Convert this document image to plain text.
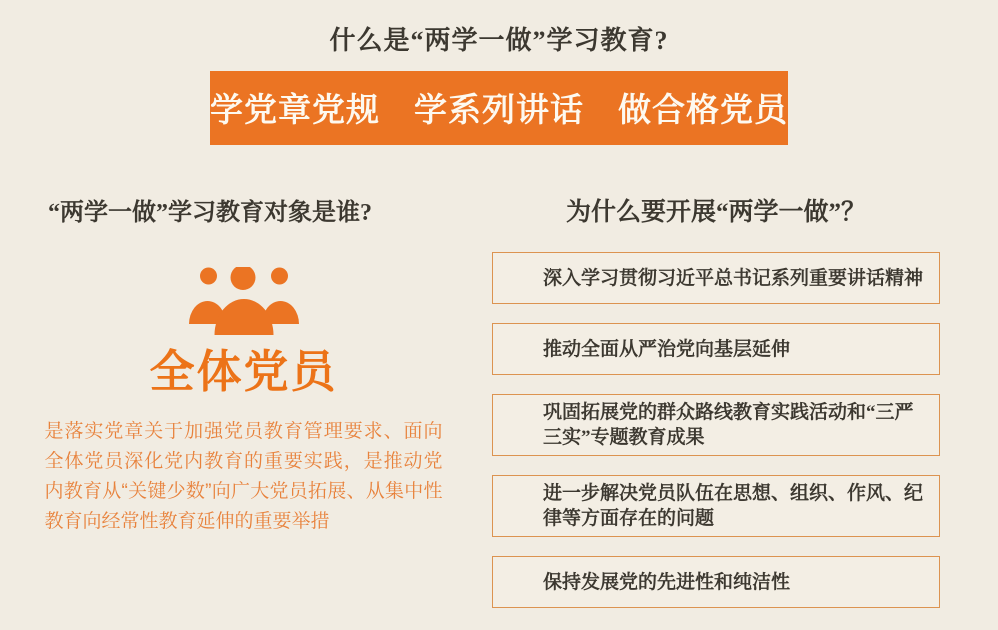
什么是“两学一做”学习教育?
学党章党规　学系列讲话　做合格党员
“两学一做”学习教育对象是谁?
全体党员

是落实党章关于加强党员教育管理要求、面向全体党员深化党内教育的重要实践，是推动党内教育从“关键少数”向广大党员拓展、从集中性教育向经常性教育延伸的重要举措

为什么要开展“两学一做”？
深入学习贯彻习近平总书记系列重要讲话精神
推动全面从严治党向基层延伸
巩固拓展党的群众路线教育实践活动和“三严三实”专题教育成果
进一步解决党员队伍在思想、组织、作风、纪律等方面存在的问题
保持发展党的先进性和纯洁性
